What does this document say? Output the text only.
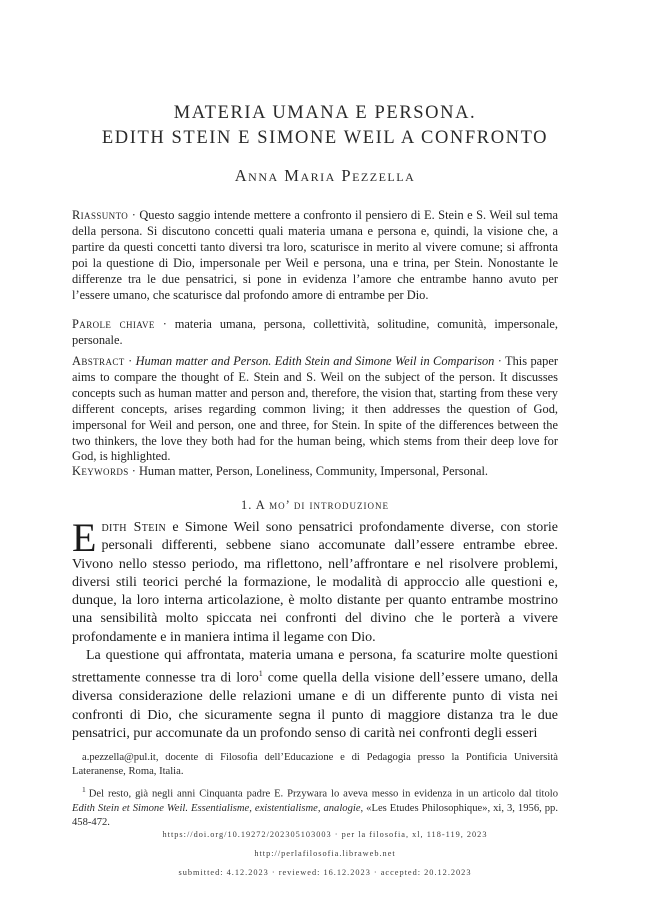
MATERIA UMANA E PERSONA.
EDITH STEIN E SIMONE WEIL A CONFRONTO
Anna Maria Pezzella
Riassunto · Questo saggio intende mettere a confronto il pensiero di E. Stein e S. Weil sul tema della persona. Si discutono concetti quali materia umana e persona e, quindi, la visione che, a partire da questi concetti tanto diversi tra loro, scaturisce in merito al vivere comune; si affronta poi la questione di Dio, impersonale per Weil e persona, una e trina, per Stein. Nonostante le differenze tra le due pensatrici, si pone in evidenza l’amore che entrambe hanno avuto per l’essere umano, che scaturisce dal profondo amore di entrambe per Dio.
Parole chiave · materia umana, persona, collettività, solitudine, comunità, impersonale, personale.
Abstract · Human matter and Person. Edith Stein and Simone Weil in Comparison · This paper aims to compare the thought of E. Stein and S. Weil on the subject of the person. It discusses concepts such as human matter and person and, therefore, the vision that, starting from these very different concepts, arises regarding common living; it then addresses the question of God, impersonal for Weil and person, one and three, for Stein. In spite of the differences between the two thinkers, the love they both had for the human being, which stems from their deep love for God, is highlighted.
Keywords · Human matter, Person, Loneliness, Community, Impersonal, Personal.
1. A mo’ di introduzione

Edith Stein e Simone Weil sono pensatrici profondamente diverse, con storie personali differenti, sebbene siano accomunate dall’essere entrambe ebree. Vivono nello stesso periodo, ma riflettono, nell’affrontare e nel risolvere problemi, diversi stili teorici perché la formazione, le modalità di approccio alle questioni e, dunque, la loro interna articolazione, è molto distante per quanto entrambe mostrino una sensibilità molto spiccata nei confronti del divino che le porterà a vivere profondamente e in maniera intima il legame con Dio.

La questione qui affrontata, materia umana e persona, fa scaturire molte questioni strettamente connesse tra di loro$^1$ come quella della visione dell’essere umano, della diversa considerazione delle relazioni umane e di un differente punto di vista nei confronti di Dio, che sicuramente segna il punto di maggiore distanza tra le due pensatrici, pur accomunate da un profondo senso di carità nei confronti degli esseri

a.pezzella@pul.it, docente di Filosofia dell’Educazione e di Pedagogia presso la Pontificia Università Lateranense, Roma, Italia.

$^1$ Del resto, già negli anni Cinquanta padre E. Przywara lo aveva messo in evidenza in un articolo dal titolo Edith Stein et Simone Weil. Essentialisme, existentialisme, analogie, «Les Etudes Philosophique», xi, 3, 1956, pp. 458-472.

https://doi.org/10.19272/202305103003 · per la filosofia, xl, 118-119, 2023
http://perlafilosofia.libraweb.net
submitted: 4.12.2023 · reviewed: 16.12.2023 · accepted: 20.12.2023
